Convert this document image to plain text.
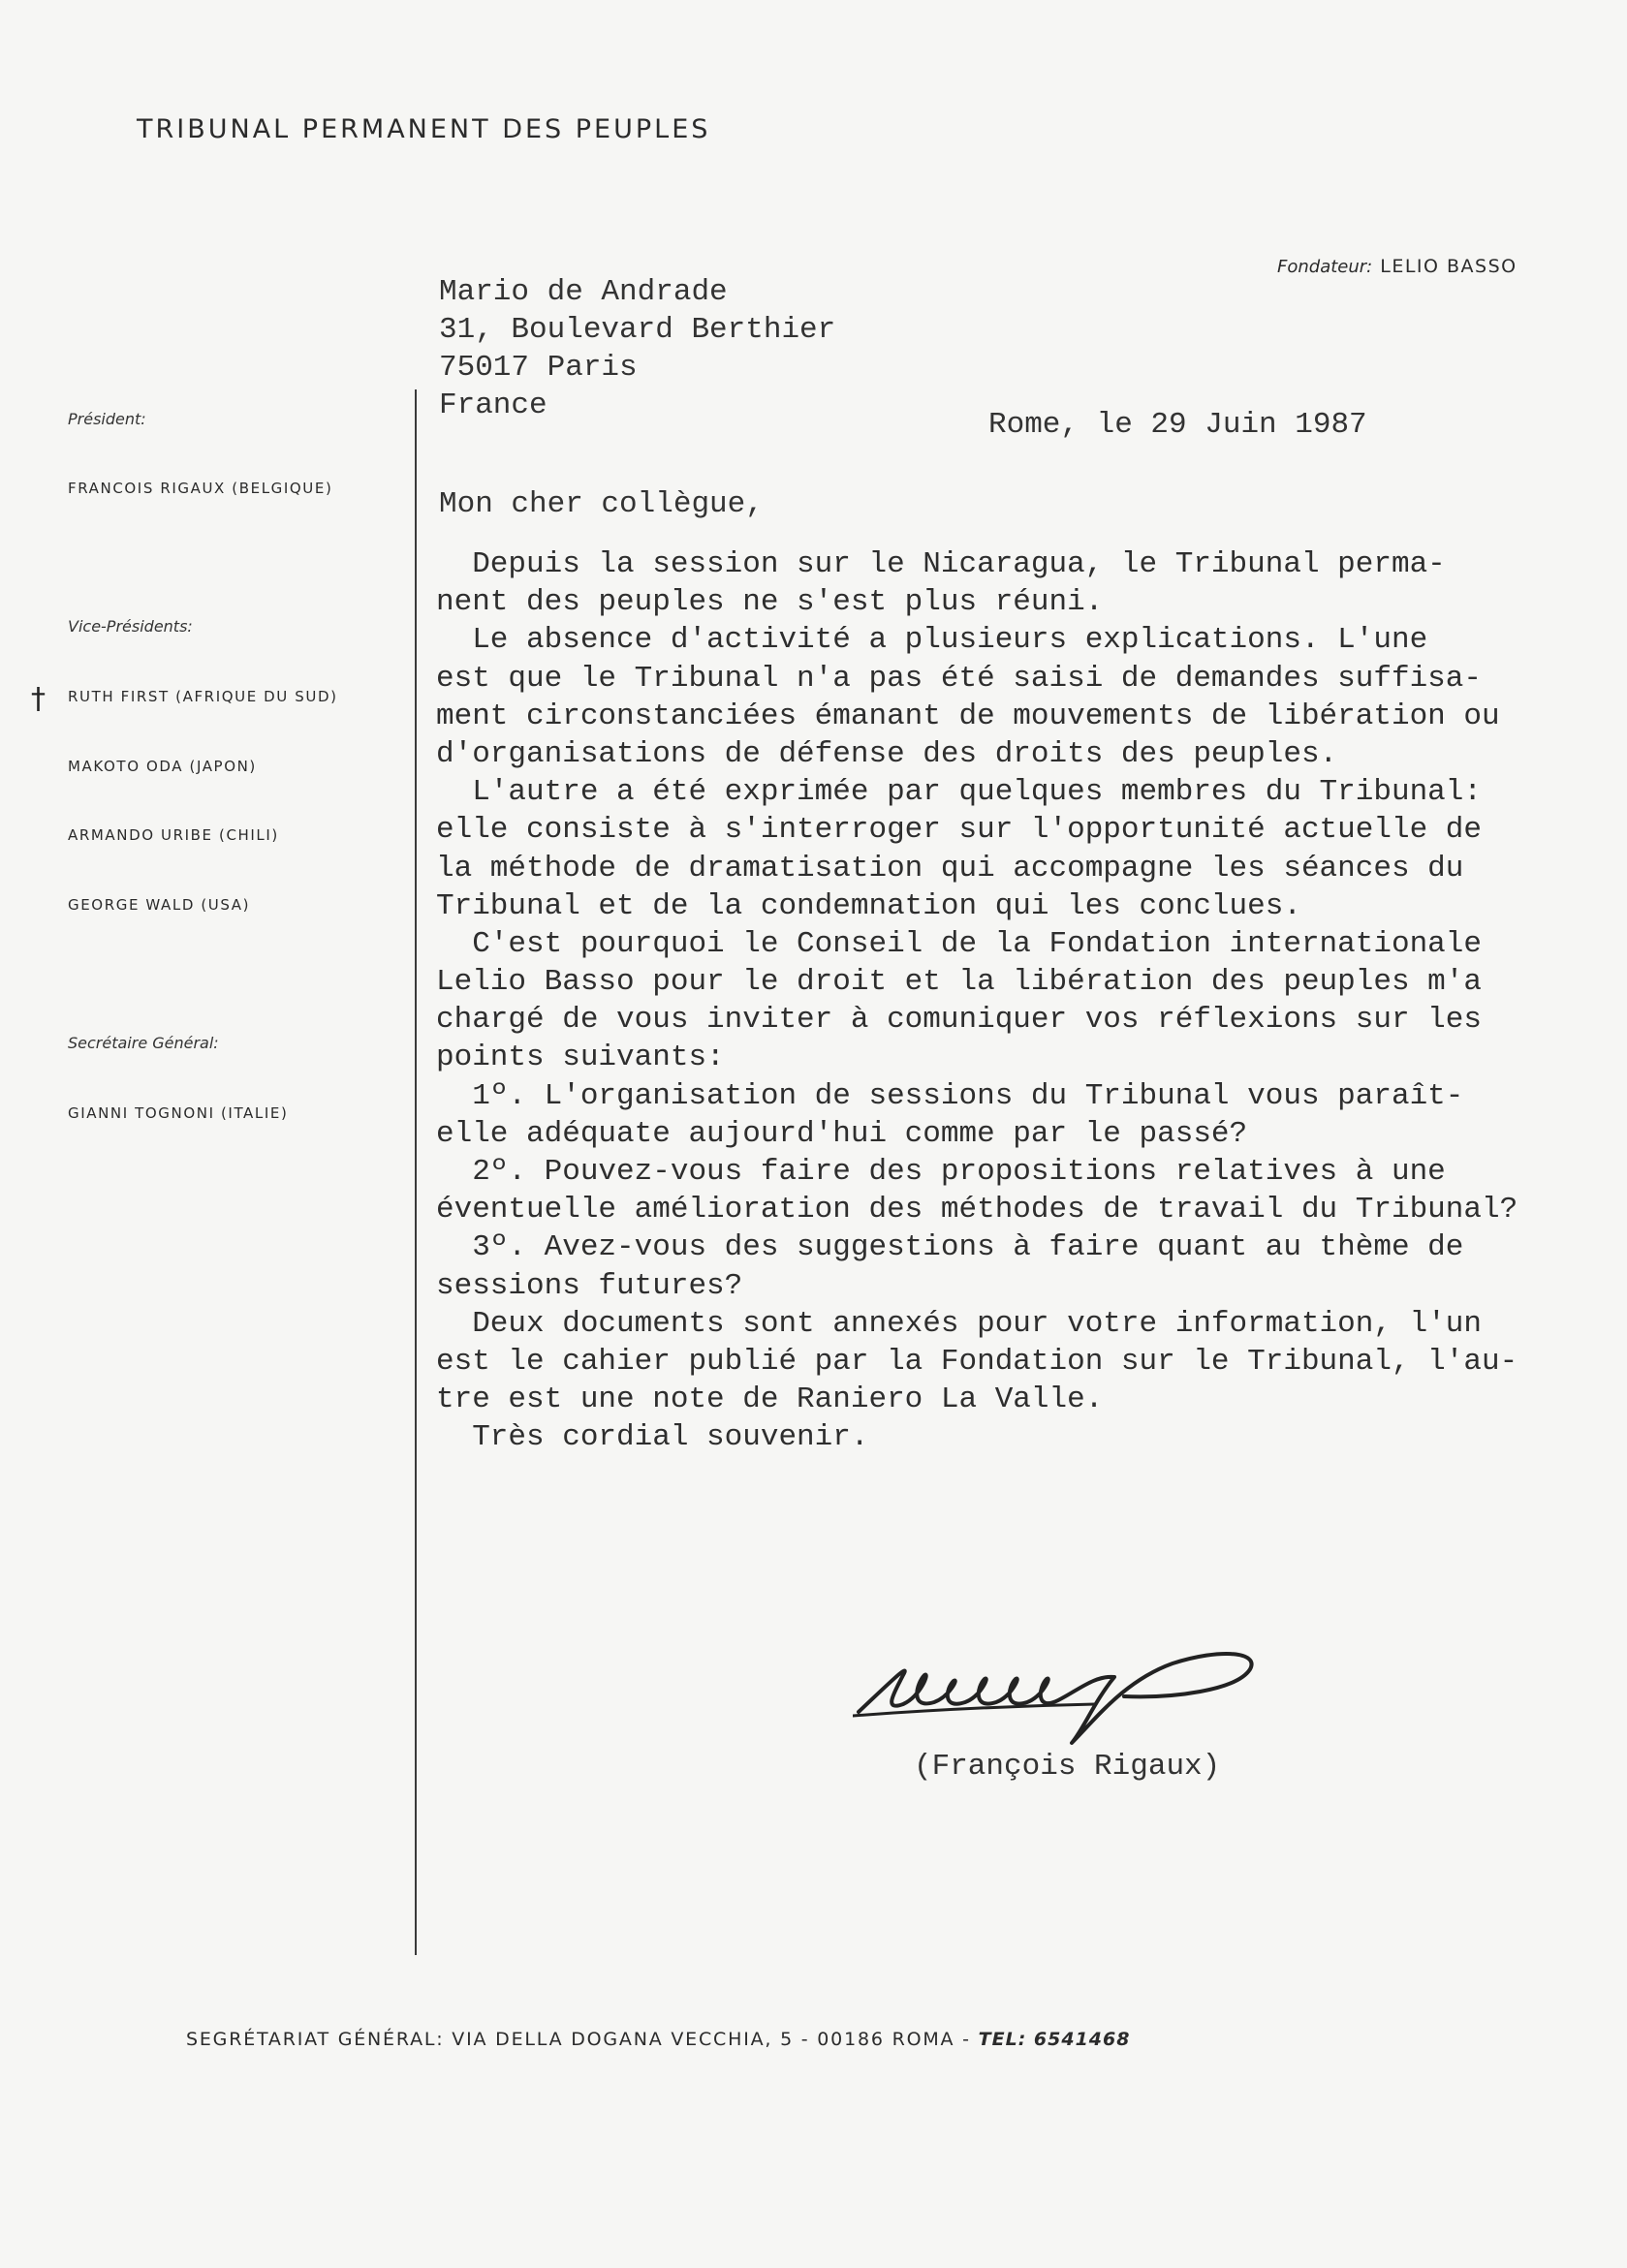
TRIBUNAL PERMANENT DES PEUPLES
Fondateur: LELIO BASSO
Président:
FRANCOIS RIGAUX (BELGIQUE)
Vice-Présidents:
† RUTH FIRST (AFRIQUE DU SUD)
MAKOTO ODA (JAPON)
ARMANDO URIBE (CHILI)
GEORGE WALD (USA)
Secrétaire Général:
GIANNI TOGNONI (ITALIE)
Mario de Andrade
31, Boulevard Berthier
75017 Paris
France
Rome, le 29 Juin 1987
Mon cher collègue,
Depuis la session sur le Nicaragua, le Tribunal perma-
nent des peuples ne s'est plus réuni.
Le absence d'activité a plusieurs explications. L'une
est que le Tribunal n'a pas été saisi de demandes suffisa-
ment circonstanciées émanant de mouvements de libération ou
d'organisations de défense des droits des peuples.
L'autre a été exprimée par quelques membres du Tribunal:
elle consiste à s'interroger sur l'opportunité actuelle de
la méthode de dramatisation qui accompagne les séances du
Tribunal et de la condemnation qui les conclues.
C'est pourquoi le Conseil de la Fondation internationale
Lelio Basso pour le droit et la libération des peuples m'a
chargé de vous inviter à comuniquer vos réflexions sur les
points suivants:
1º. L'organisation de sessions du Tribunal vous paraît-
elle adéquate aujourd'hui comme par le passé?
2º. Pouvez-vous faire des propositions relatives à une
éventuelle amélioration des méthodes de travail du Tribunal?
3º. Avez-vous des suggestions à faire quant au thème de
sessions futures?
Deux documents sont annexés pour votre information, l'un
est le cahier publié par la Fondation sur le Tribunal, l'au-
tre est une note de Raniero La Valle.
Très cordial souvenir.
(François Rigaux)
SEGRÉTARIAT GÉNÉRAL: VIA DELLA DOGANA VECCHIA, 5 - 00186 ROMA - TEL: 6541468
